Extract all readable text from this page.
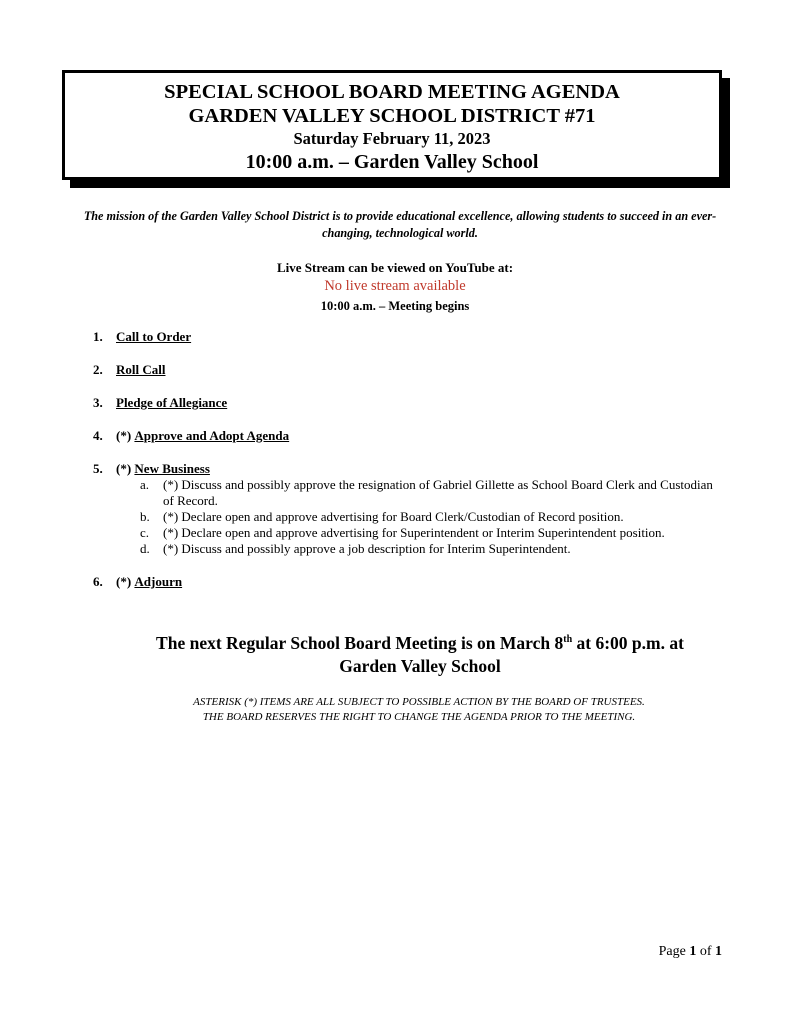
SPECIAL SCHOOL BOARD MEETING AGENDA
GARDEN VALLEY SCHOOL DISTRICT #71
Saturday February 11, 2023
10:00 a.m. – Garden Valley School
The mission of the Garden Valley School District is to provide educational excellence, allowing students to succeed in an ever-changing, technological world.
Live Stream can be viewed on YouTube at:
No live stream available
10:00 a.m. – Meeting begins
1. Call to Order
2. Roll Call
3. Pledge of Allegiance
4. (*) Approve and Adopt Agenda
5. (*) New Business
a. (*) Discuss and possibly approve the resignation of Gabriel Gillette as School Board Clerk and Custodian of Record.
b. (*) Declare open and approve advertising for Board Clerk/Custodian of Record position.
c. (*) Declare open and approve advertising for Superintendent or Interim Superintendent position.
d. (*) Discuss and possibly approve a job description for Interim Superintendent.
6. (*) Adjourn
The next Regular School Board Meeting is on March 8th at 6:00 p.m. at
Garden Valley School
ASTERISK (*) ITEMS ARE ALL SUBJECT TO POSSIBLE ACTION BY THE BOARD OF TRUSTEES.
THE BOARD RESERVES THE RIGHT TO CHANGE THE AGENDA PRIOR TO THE MEETING.
Page 1 of 1
